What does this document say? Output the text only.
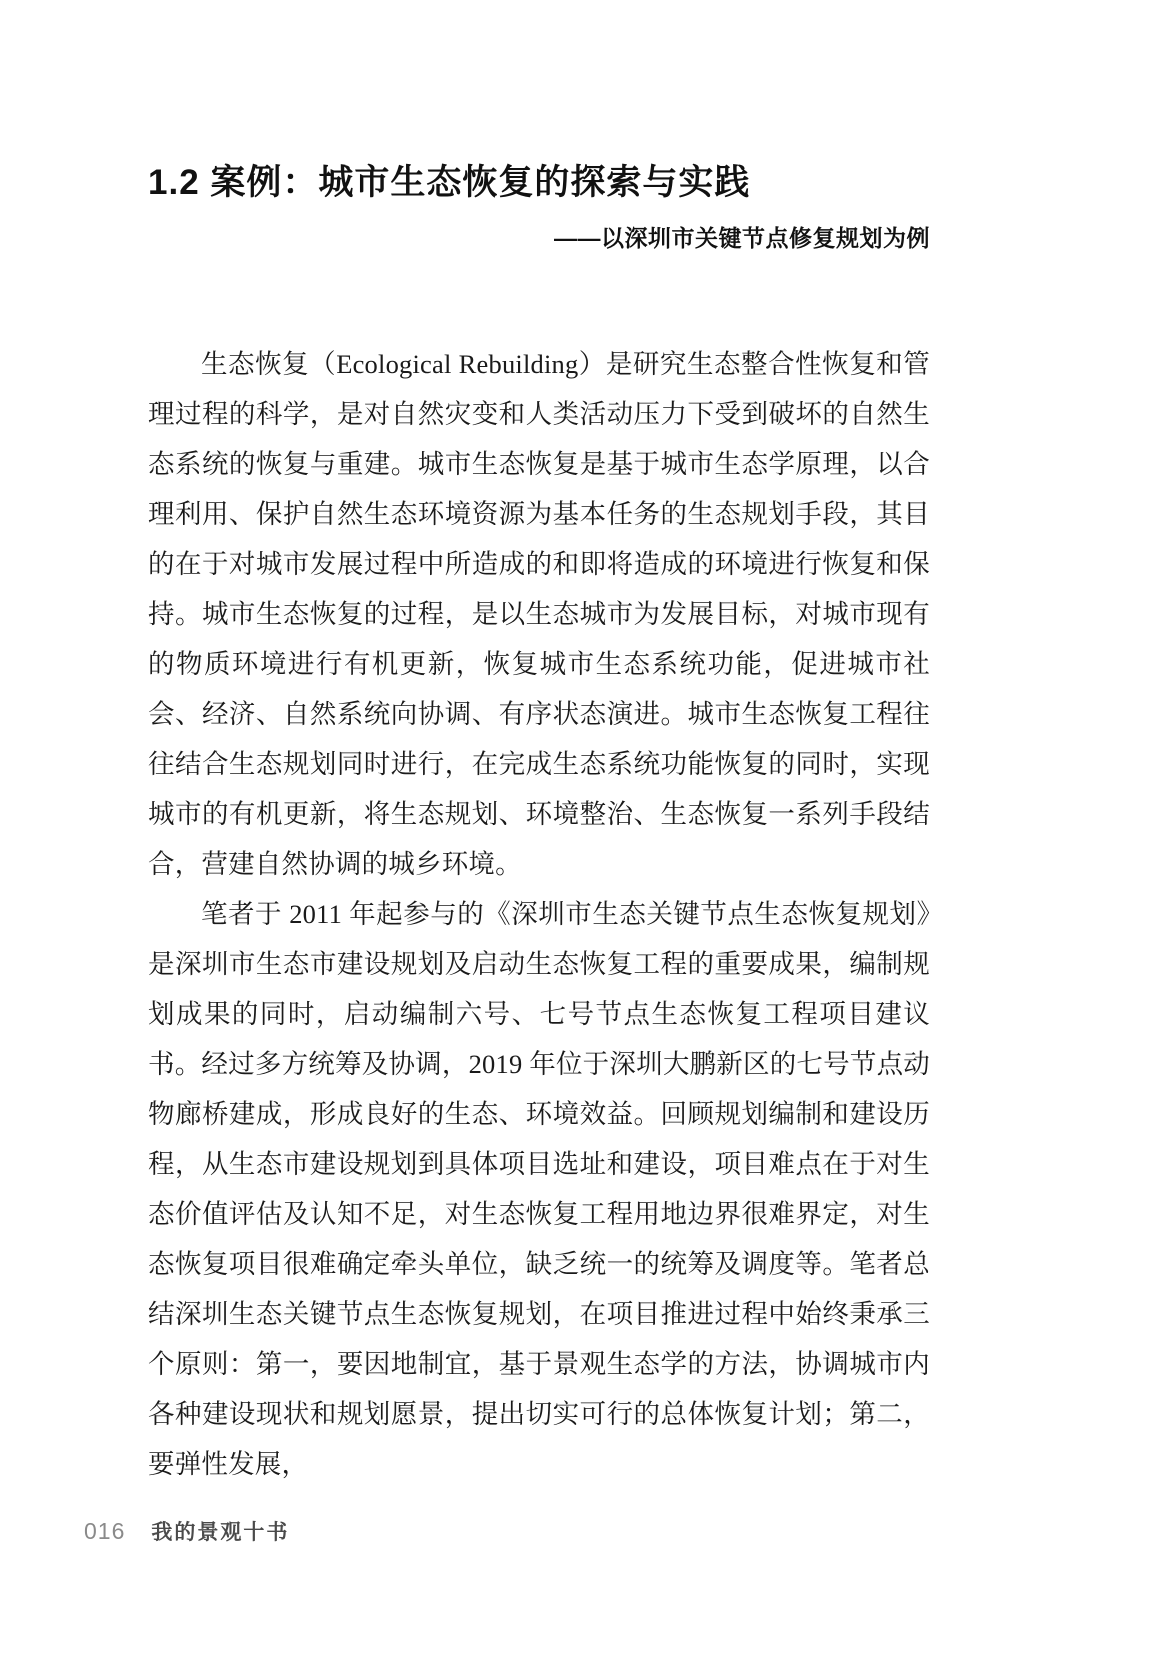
1.2 案例：城市生态恢复的探索与实践
——以深圳市关键节点修复规划为例

生态恢复（Ecological Rebuilding）是研究生态整合性恢复和管理过程的科学，是对自然灾变和人类活动压力下受到破坏的自然生态系统的恢复与重建。城市生态恢复是基于城市生态学原理，以合理利用、保护自然生态环境资源为基本任务的生态规划手段，其目的在于对城市发展过程中所造成的和即将造成的环境进行恢复和保持。城市生态恢复的过程，是以生态城市为发展目标，对城市现有的物质环境进行有机更新，恢复城市生态系统功能，促进城市社会、经济、自然系统向协调、有序状态演进。城市生态恢复工程往往结合生态规划同时进行，在完成生态系统功能恢复的同时，实现城市的有机更新，将生态规划、环境整治、生态恢复一系列手段结合，营建自然协调的城乡环境。

笔者于 2011 年起参与的《深圳市生态关键节点生态恢复规划》是深圳市生态市建设规划及启动生态恢复工程的重要成果，编制规划成果的同时，启动编制六号、七号节点生态恢复工程项目建议书。经过多方统筹及协调，2019 年位于深圳大鹏新区的七号节点动物廊桥建成，形成良好的生态、环境效益。回顾规划编制和建设历程，从生态市建设规划到具体项目选址和建设，项目难点在于对生态价值评估及认知不足，对生态恢复工程用地边界很难界定，对生态恢复项目很难确定牵头单位，缺乏统一的统筹及调度等。笔者总结深圳生态关键节点生态恢复规划，在项目推进过程中始终秉承三个原则：第一，要因地制宜，基于景观生态学的方法，协调城市内各种建设现状和规划愿景，提出切实可行的总体恢复计划；第二，要弹性发展，

016 我的景观十书
